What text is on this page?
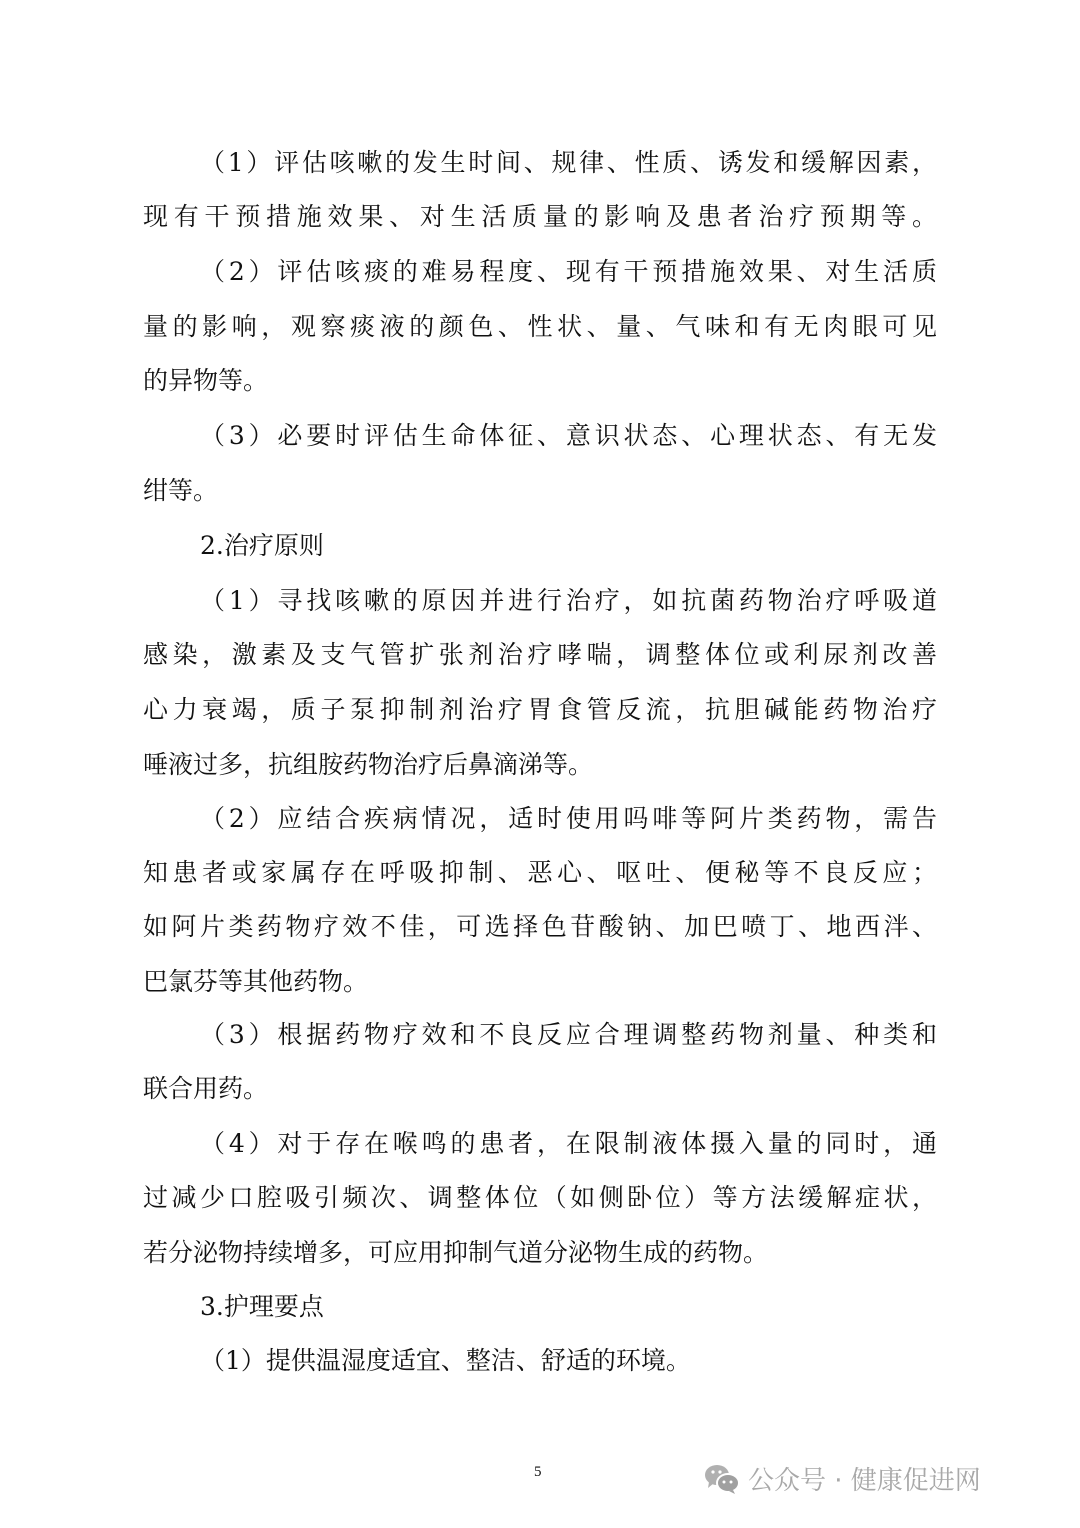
（1）评估咳嗽的发生时间、规律、性质、诱发和缓解因素，
现有干预措施效果、对生活质量的影响及患者治疗预期等。
（2）评估咳痰的难易程度、现有干预措施效果、对生活质
量的影响，观察痰液的颜色、性状、量、气味和有无肉眼可见
的异物等。
（3）必要时评估生命体征、意识状态、心理状态、有无发
绀等。
2.治疗原则
（1）寻找咳嗽的原因并进行治疗，如抗菌药物治疗呼吸道
感染，激素及支气管扩张剂治疗哮喘，调整体位或利尿剂改善
心力衰竭，质子泵抑制剂治疗胃食管反流，抗胆碱能药物治疗
唾液过多，抗组胺药物治疗后鼻滴涕等。
（2）应结合疾病情况，适时使用吗啡等阿片类药物，需告
知患者或家属存在呼吸抑制、恶心、呕吐、便秘等不良反应；
如阿片类药物疗效不佳，可选择色苷酸钠、加巴喷丁、地西泮、
巴氯芬等其他药物。
（3）根据药物疗效和不良反应合理调整药物剂量、种类和
联合用药。
（4）对于存在喉鸣的患者，在限制液体摄入量的同时，通
过减少口腔吸引频次、调整体位（如侧卧位）等方法缓解症状，
若分泌物持续增多，可应用抑制气道分泌物生成的药物。
3.护理要点
（1）提供温湿度适宜、整洁、舒适的环境。
5	公众号 · 健康促进网
